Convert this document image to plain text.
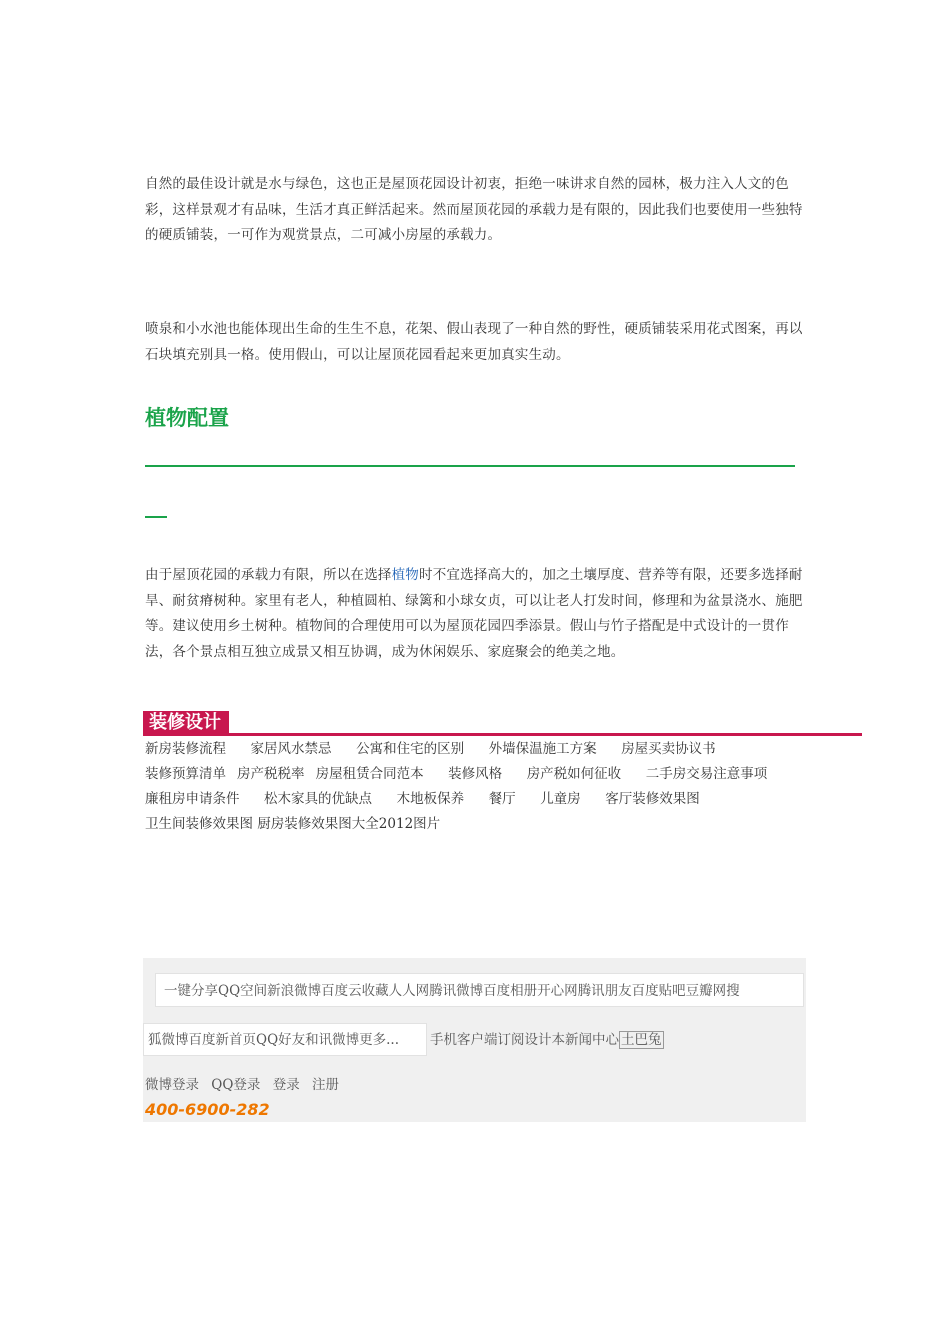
自然的最佳设计就是水与绿色，这也正是屋顶花园设计初衷，拒绝一味讲求自然的园林，极力注入人文的色彩，这样景观才有品味，生活才真正鲜活起来。然而屋顶花园的承载力是有限的，因此我们也要使用一些独特的硬质铺装，一可作为观赏景点，二可减小房屋的承载力。

喷泉和小水池也能体现出生命的生生不息，花架、假山表现了一种自然的野性，硬质铺装采用花式图案，再以石块填充别具一格。使用假山，可以让屋顶花园看起来更加真实生动。

植物配置

由于屋顶花园的承载力有限，所以在选择植物时不宜选择高大的，加之土壤厚度、营养等有限，还要多选择耐旱、耐贫瘠树种。家里有老人，种植圆柏、绿篱和小球女贞，可以让老人打发时间，修理和为盆景浇水、施肥等。建议使用乡土树种。植物间的合理使用可以为屋顶花园四季添景。假山与竹子搭配是中式设计的一贯作法，各个景点相互独立成景又相互协调，成为休闲娱乐、家庭聚会的绝美之地。

装修设计
新房装修流程   家居风水禁忌   公寓和住宅的区别   外墙保温施工方案   房屋买卖协议书   装修预算清单  房产税税率  房屋租赁合同范本   装修风格   房产税如何征收   二手房交易注意事项   廉租房申请条件   松木家具的优缺点   木地板保养   餐厅   儿童房   客厅装修效果图   卫生间装修效果图 厨房装修效果图大全2012图片
一键分享QQ空间新浪微博百度云收藏人人网腾讯微博百度相册开心网腾讯朋友百度贴吧豆瓣网搜
狐微博百度新首页QQ好友和讯微博更多...	手机客户端订阅设计本新闻中心 土巴兔
微博登录 QQ登录 登录 注册
400-6900-282
